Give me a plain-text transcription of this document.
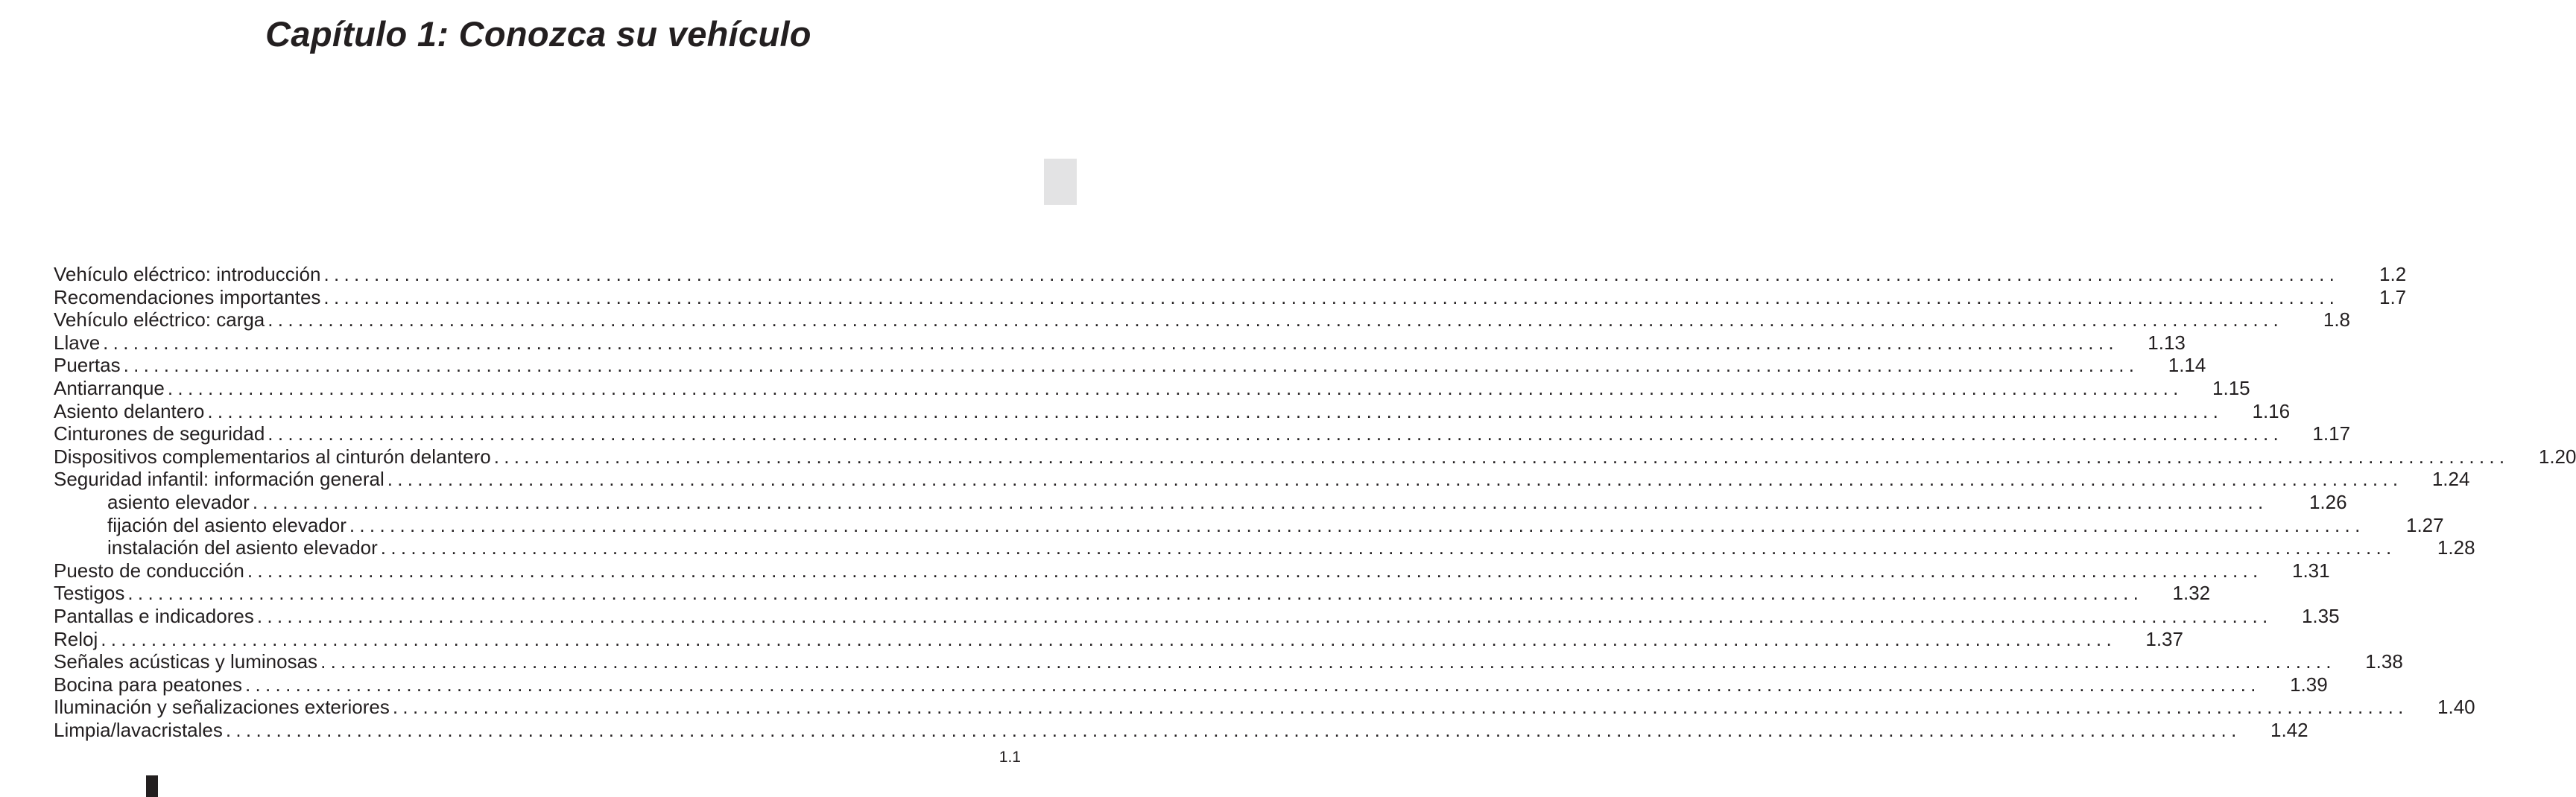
Capítulo 1: Conozca su vehículo
Vehículo eléctrico: introducción ........................................................................................................................................................................................................	1.2
Recomendaciones importantes ........................................................................................................................................................................................................	1.7
Vehículo eléctrico: carga ........................................................................................................................................................................................................	1.8
Llave ........................................................................................................................................................................................................	1.13
Puertas ........................................................................................................................................................................................................	1.14
Antiarranque ........................................................................................................................................................................................................	1.15
Asiento delantero ........................................................................................................................................................................................................	1.16
Cinturones de seguridad ........................................................................................................................................................................................................	1.17
Dispositivos complementarios al cinturón delantero ........................................................................................................................................................................................................	1.20
Seguridad infantil: información general ........................................................................................................................................................................................................	1.24
asiento elevador ........................................................................................................................................................................................................	1.26
fijación del asiento elevador ........................................................................................................................................................................................................	1.27
instalación del asiento elevador ........................................................................................................................................................................................................	1.28
Puesto de conducción ........................................................................................................................................................................................................	1.31
Testigos ........................................................................................................................................................................................................	1.32
Pantallas e indicadores ........................................................................................................................................................................................................	1.35
Reloj ........................................................................................................................................................................................................	1.37
Señales acústicas y luminosas ........................................................................................................................................................................................................	1.38
Bocina para peatones ........................................................................................................................................................................................................	1.39
Iluminación y señalizaciones exteriores ........................................................................................................................................................................................................	1.40
Limpia/lavacristales ........................................................................................................................................................................................................	1.42
1.1
